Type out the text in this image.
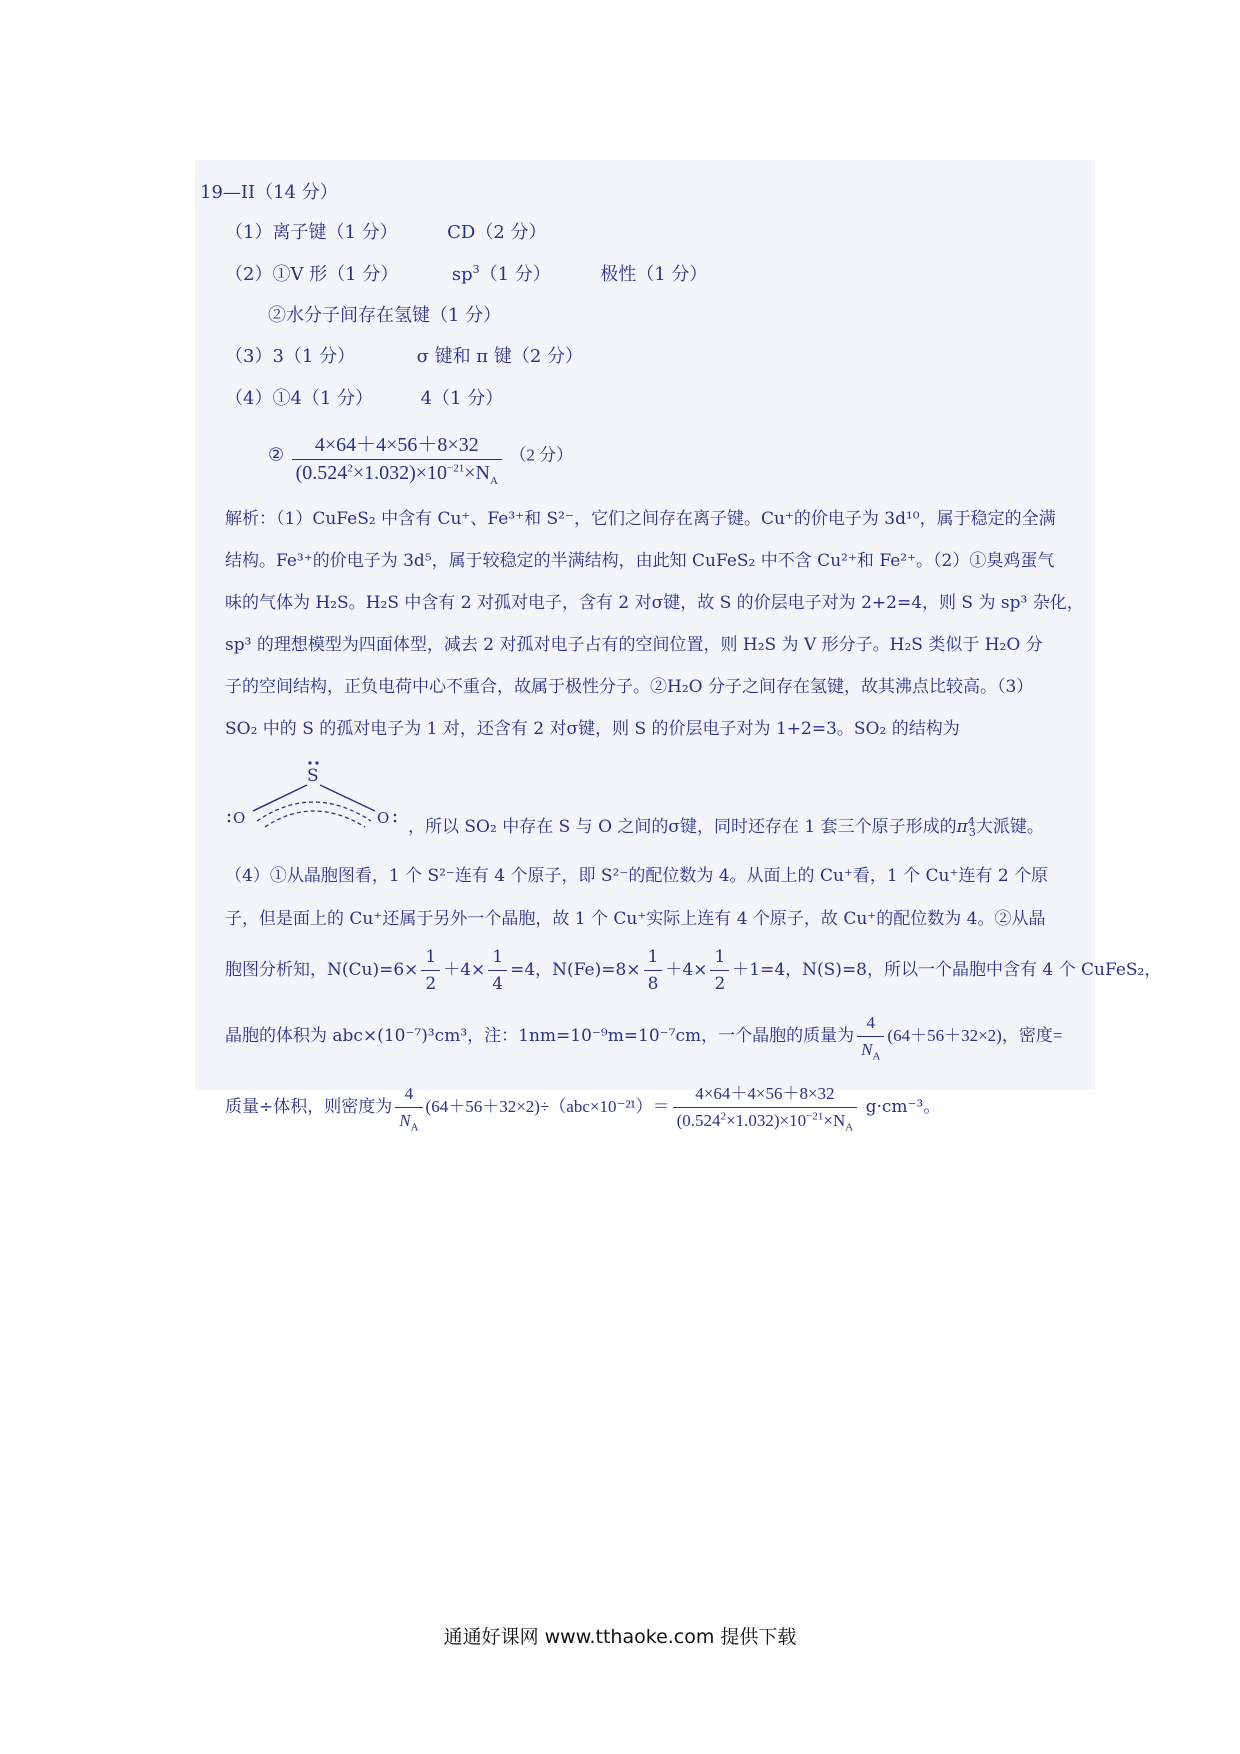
19—II（14 分）
（1）离子键（1 分）	CD（2 分）
（2）①V 形（1 分）	$sp^3(1$ 分）	极性（1 分）
②水分子间存在氢键（1 分）
（3）3（1 分）	σ 键和 π 键（2 分）
（4）①4（1 分）	4（1 分）
② $\frac{4\times 64+4\times 56+8\times 32}{(0.524^2\times 1.032)\times 10^{-21}\times N_A} (2$ 分）
解析：（1）CuFeS₂ 中含有 Cu⁺、Fe³⁺和 S²⁻，它们之间存在离子键。Cu⁺的价电子为 3d¹⁰，属于稳定的全满
结构。Fe³⁺的价电子为 3d⁵，属于较稳定的半满结构，由此知 CuFeS₂ 中不含 Cu²⁺和 Fe²⁺。（2）①臭鸡蛋气
味的气体为 H₂S。H₂S 中含有 2 对孤对电子，含有 2 对σ键，故 S 的价层电子对为 2+2=4，则 S 为 sp³ 杂化，
sp³ 的理想模型为四面体型，减去 2 对孤对电子占有的空间位置，则 H₂S 为 V 形分子。H₂S 类似于 H₂O 分
子的空间结构，正负电荷中心不重合，故属于极性分子。②H₂O 分子之间存在氢键，故其沸点比较高。（3）
SO₂ 中的 S 的孤对电子为 1 对，还含有 2 对σ键，则 S 的价层电子对为 1+2=3。SO₂ 的结构为
S
O	O ，所以 SO₂ 中存在 S 与 O 之间的σ键，同时还存在 1 套三个原子形成的$\pi^4_3$大派键。
（4）①从晶胞图看，1 个 S²⁻连有 4 个原子，即 S²⁻的配位数为 4。从面上的 Cu⁺看，1 个 Cu⁺连有 2 个原
子，但是面上的 Cu⁺还属于另外一个晶胞，故 1 个 Cu⁺实际上连有 4 个原子，故 Cu⁺的配位数为 4。②从晶
胞图分析知，$N(Cu)=6\times \frac{1}{2} +4\times \frac{1}{4} =4$，$N(Fe)=8\times \frac{1}{8} +4\times \frac{1}{2} +1=4$，N(S)=8，所以一个晶胞中含有 4 个 CuFeS₂，
晶胞的体积为 abc×(10⁻⁷)³cm³，注：1nm=10⁻⁹m=10⁻⁷cm，一个晶胞的质量为 $\frac{4}{N_A} (64+56+32\times 2)$，密度=
质量÷体积，则密度为 $\frac{4}{N_A} (64+56+32\times 2)\div(abc\times 10^{-21})= \frac{4\times 64+4\times 56+8\times 32}{(0.524^2\times 1.032)\times 10^{-21}\times N_A} g\cdot cm^{-3}$。
通通好课网 www.tthaoke.com 提供下载
